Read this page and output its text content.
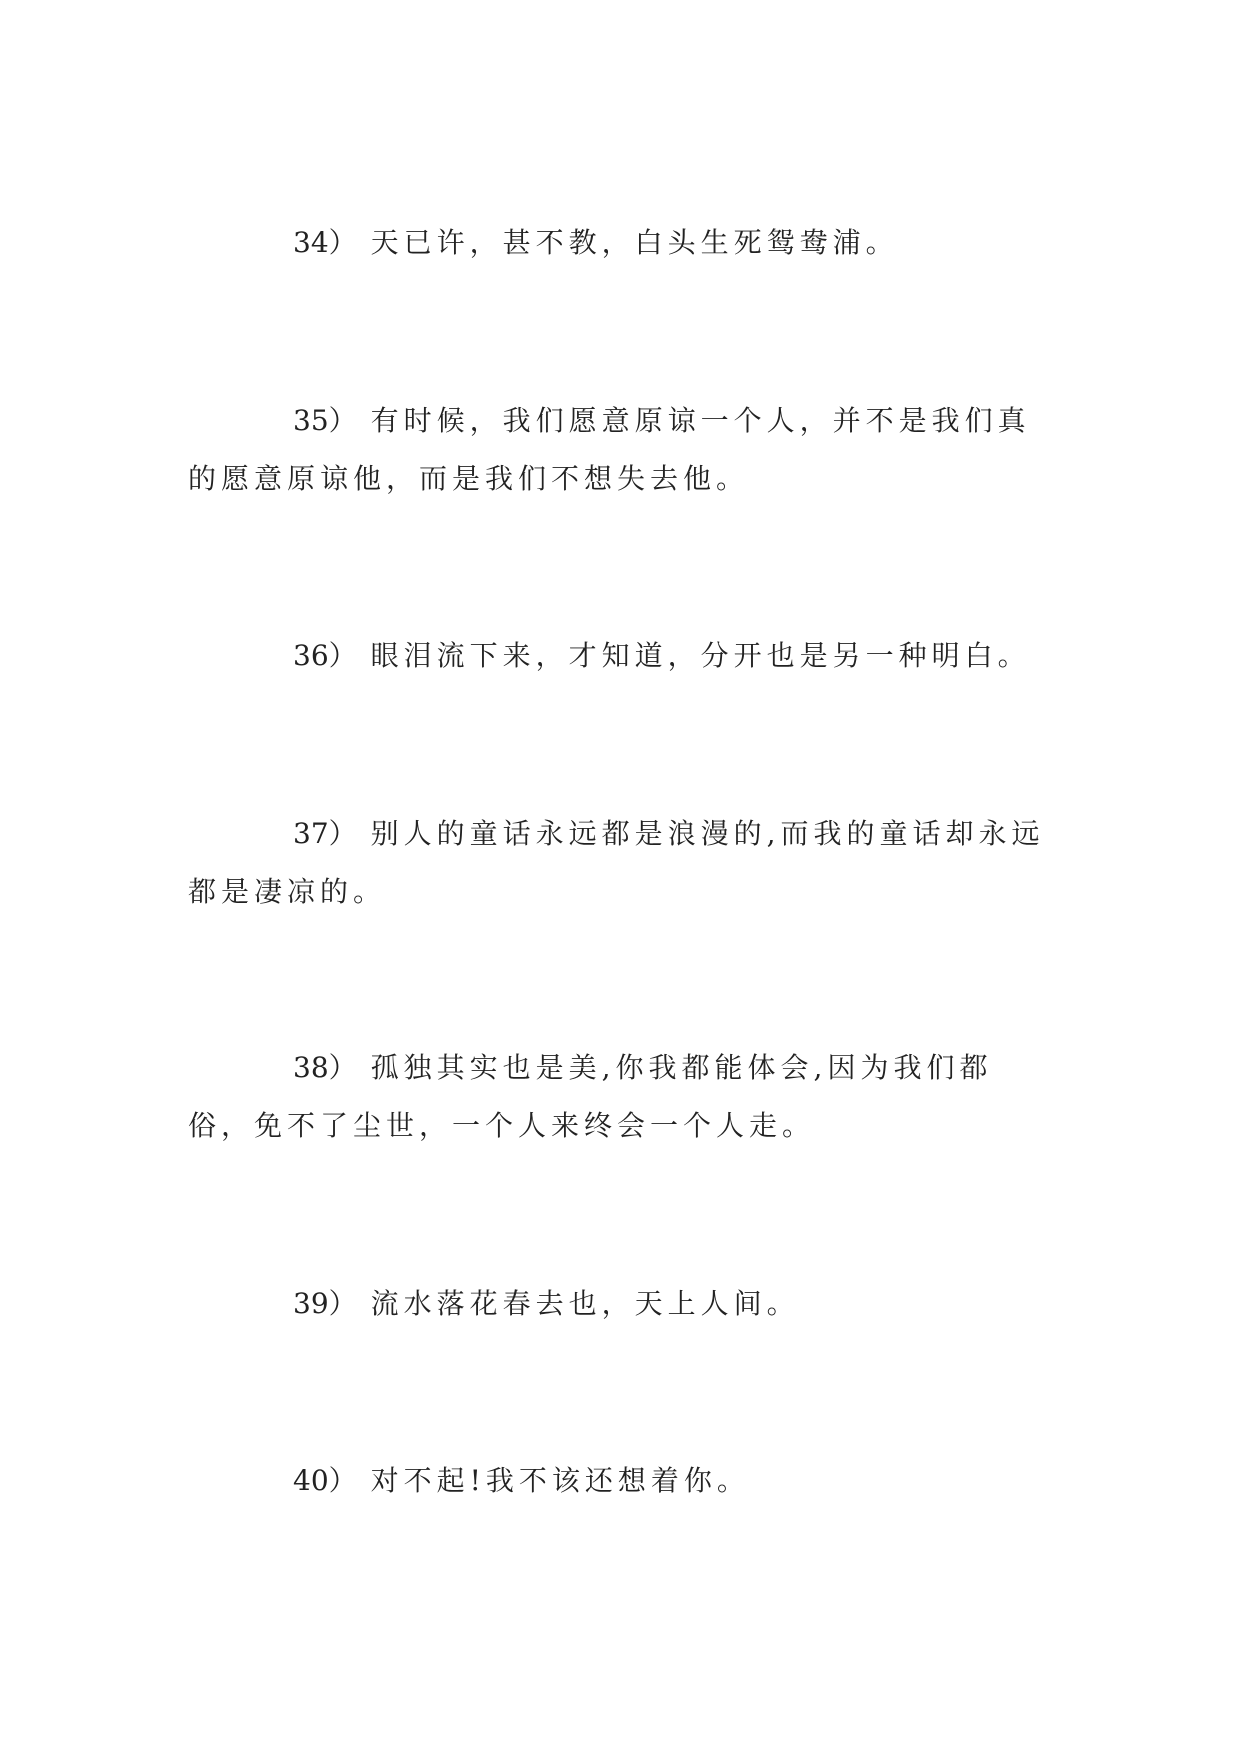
34） 天已许，甚不教，白头生死鸳鸯浦。

35） 有时候，我们愿意原谅一个人，并不是我们真的愿意原谅他，而是我们不想失去他。

36） 眼泪流下来，才知道，分开也是另一种明白。

37） 别人的童话永远都是浪漫的,而我的童话却永远都是凄凉的。

38） 孤独其实也是美,你我都能体会,因为我们都俗，免不了尘世，一个人来终会一个人走。

39） 流水落花春去也，天上人间。

40） 对不起!我不该还想着你。
